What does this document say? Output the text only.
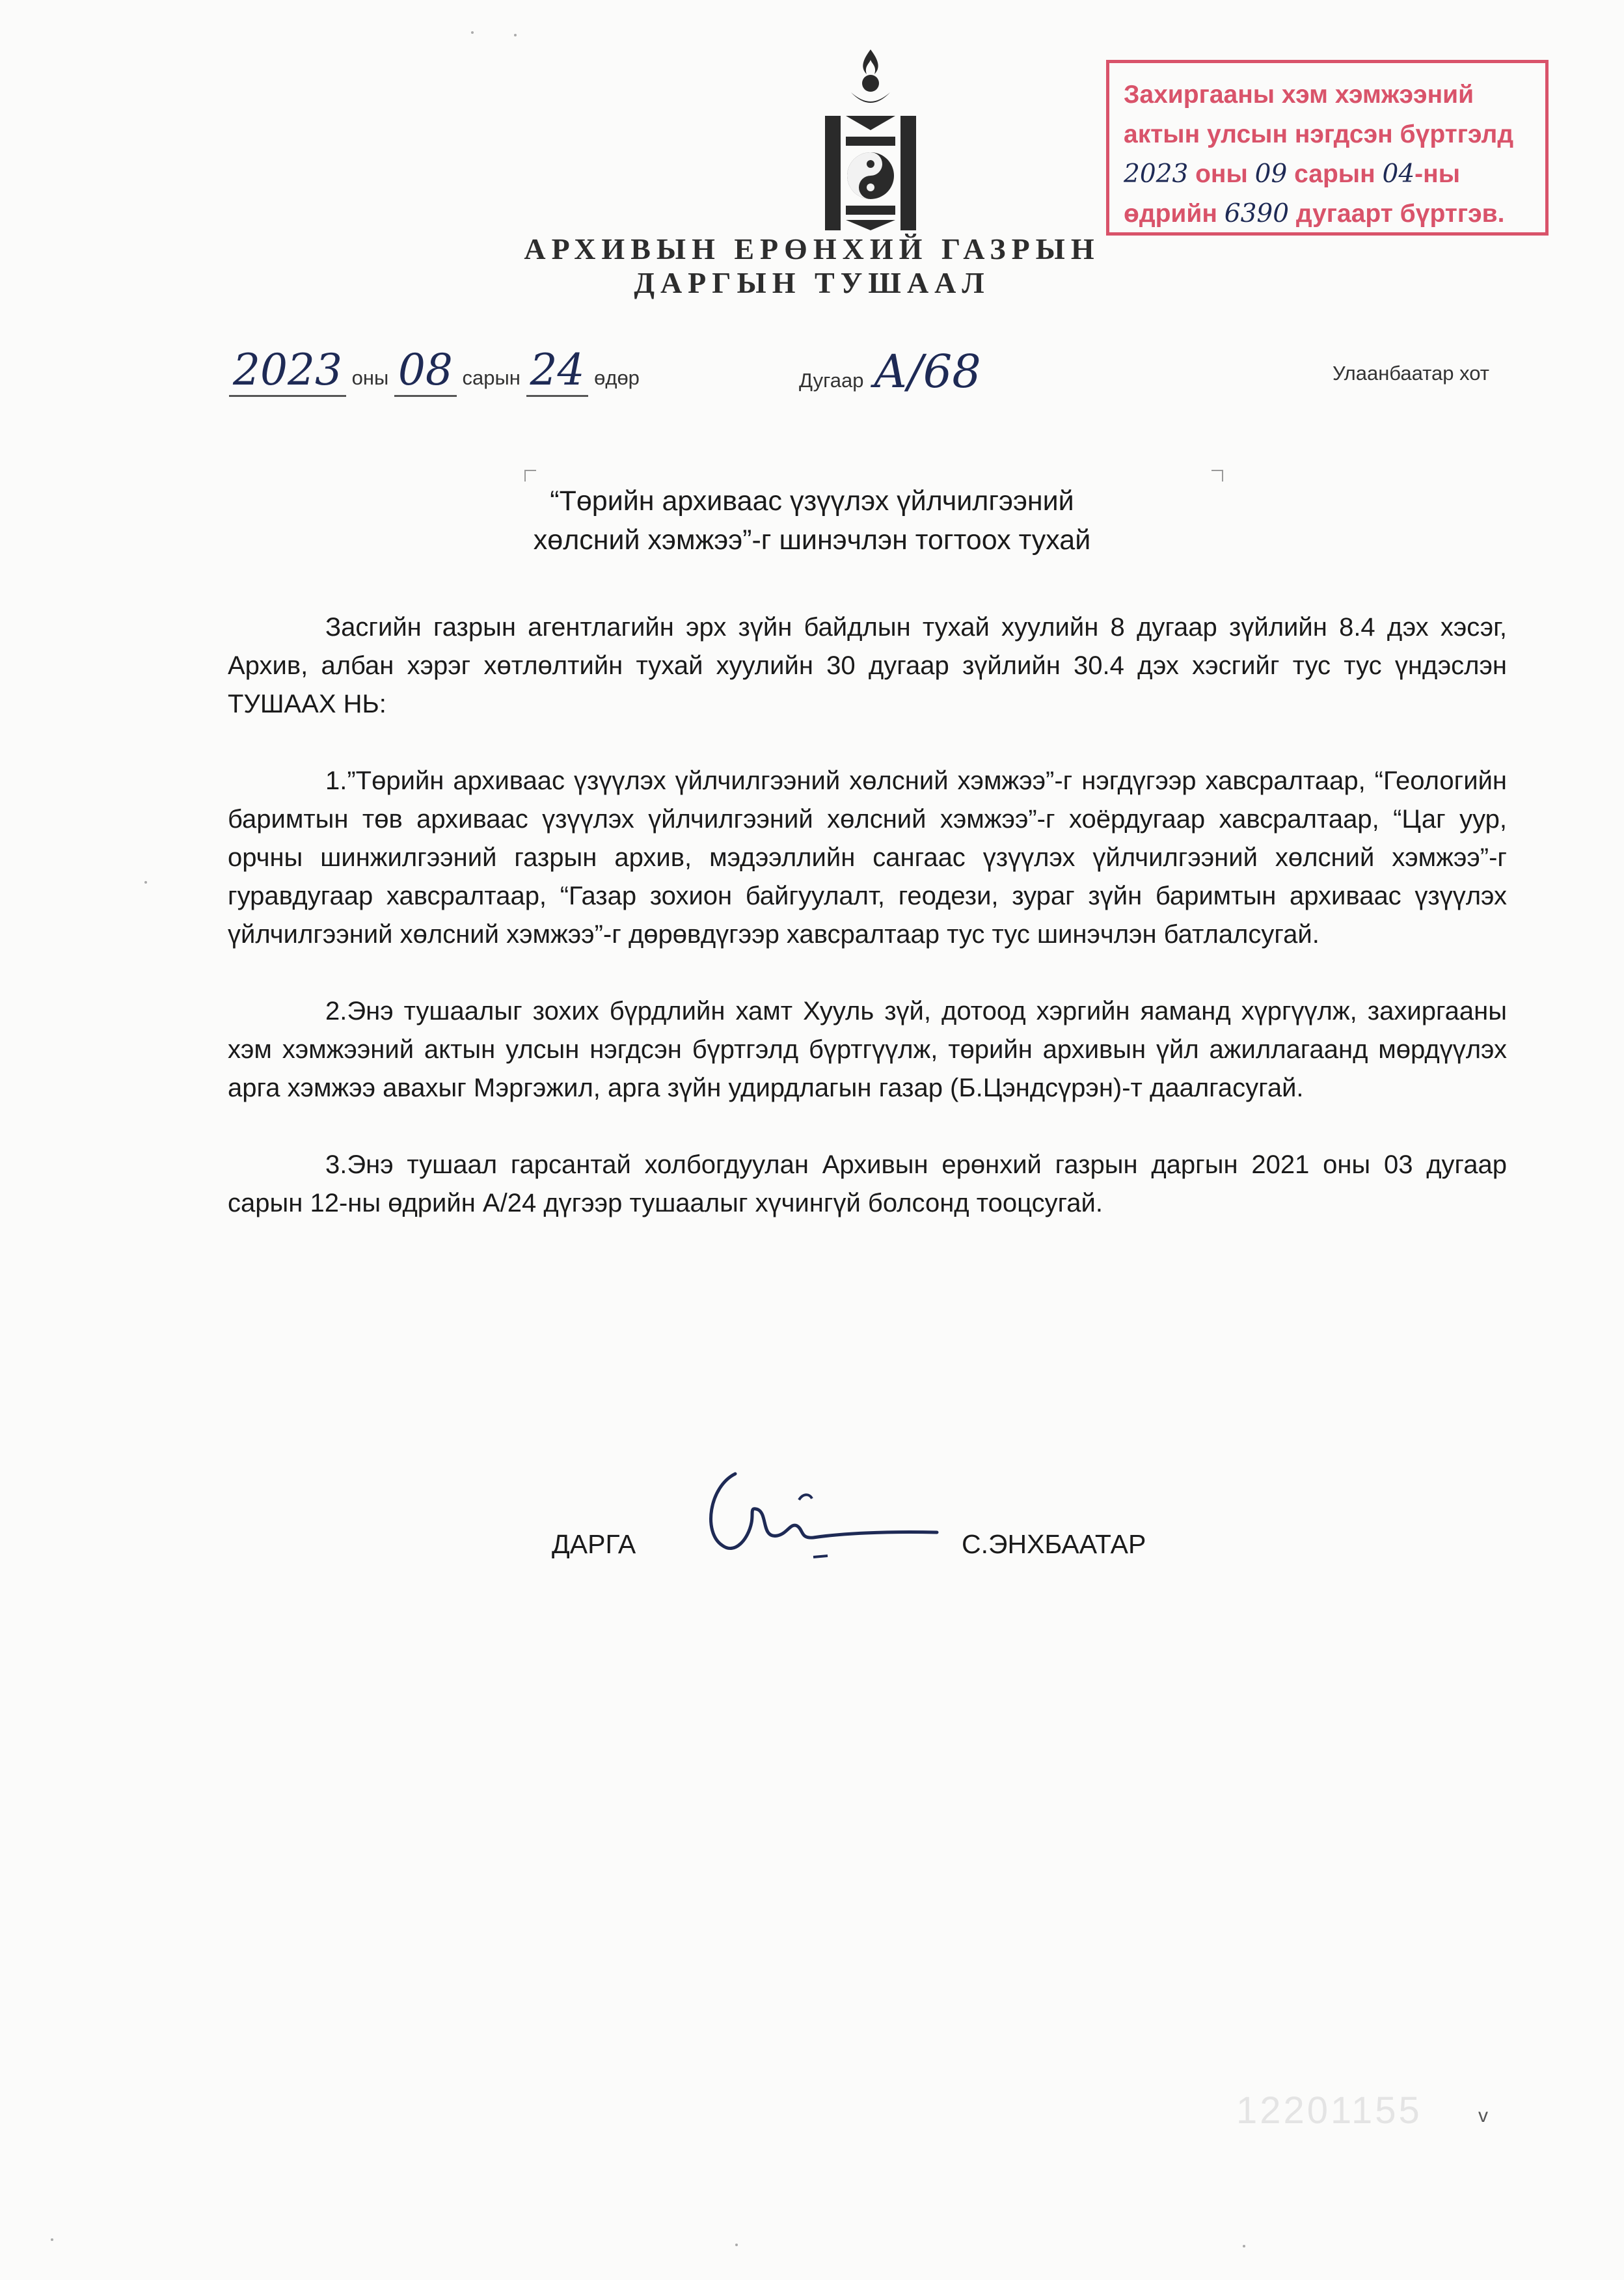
АРХИВЫН ЕРӨНХИЙ ГАЗРЫН
ДАРГЫН ТУШААЛ
Захиргааны хэм хэмжээний
актын улсын нэгдсэн бүртгэлд
2023 оны 09 сарын 04-ны
өдрийн 6390 дугаарт бүртгэв.
2023 оны 08 сарын 24 өдөр	Дугаар А/68	Улаанбаатар хот
“Төрийн архиваас үзүүлэх үйлчилгээний
хөлсний хэмжээ”-г шинэчлэн тогтоох тухай

Засгийн газрын агентлагийн эрх зүйн байдлын тухай хуулийн 8 дугаар зүйлийн 8.4 дэх хэсэг, Архив, албан хэрэг хөтлөлтийн тухай хуулийн 30 дугаар зүйлийн 30.4 дэх хэсгийг тус тус үндэслэн ТУШААХ НЬ:

1.”Төрийн архиваас үзүүлэх үйлчилгээний хөлсний хэмжээ”-г нэгдүгээр хавсралтаар, “Геологийн баримтын төв архиваас үзүүлэх үйлчилгээний хөлсний хэмжээ”-г хоёрдугаар хавсралтаар, “Цаг уур, орчны шинжилгээний газрын архив, мэдээллийн сангаас үзүүлэх үйлчилгээний хөлсний хэмжээ”-г гуравдугаар хавсралтаар, “Газар зохион байгуулалт, геодези, зураг зүйн баримтын архиваас үзүүлэх үйлчилгээний хөлсний хэмжээ”-г дөрөвдүгээр хавсралтаар тус тус шинэчлэн батлалсугай.

2.Энэ тушаалыг зохих бүрдлийн хамт Хууль зүй, дотоод хэргийн яаманд хүргүүлж, захиргааны хэм хэмжээний актын улсын нэгдсэн бүртгэлд бүртгүүлж, төрийн архивын үйл ажиллагаанд мөрдүүлэх арга хэмжээ авахыг Мэргэжил, арга зүйн удирдлагын газар (Б.Цэндсүрэн)-т даалгасугай.

3.Энэ тушаал гарсантай холбогдуулан Архивын ерөнхий газрын даргын 2021 оны 03 дугаар сарын 12-ны өдрийн А/24 дүгээр тушаалыг хүчингүй болсонд тооцсугай.

ДАРГА	С.ЭНХБААТАР
v
12201155
